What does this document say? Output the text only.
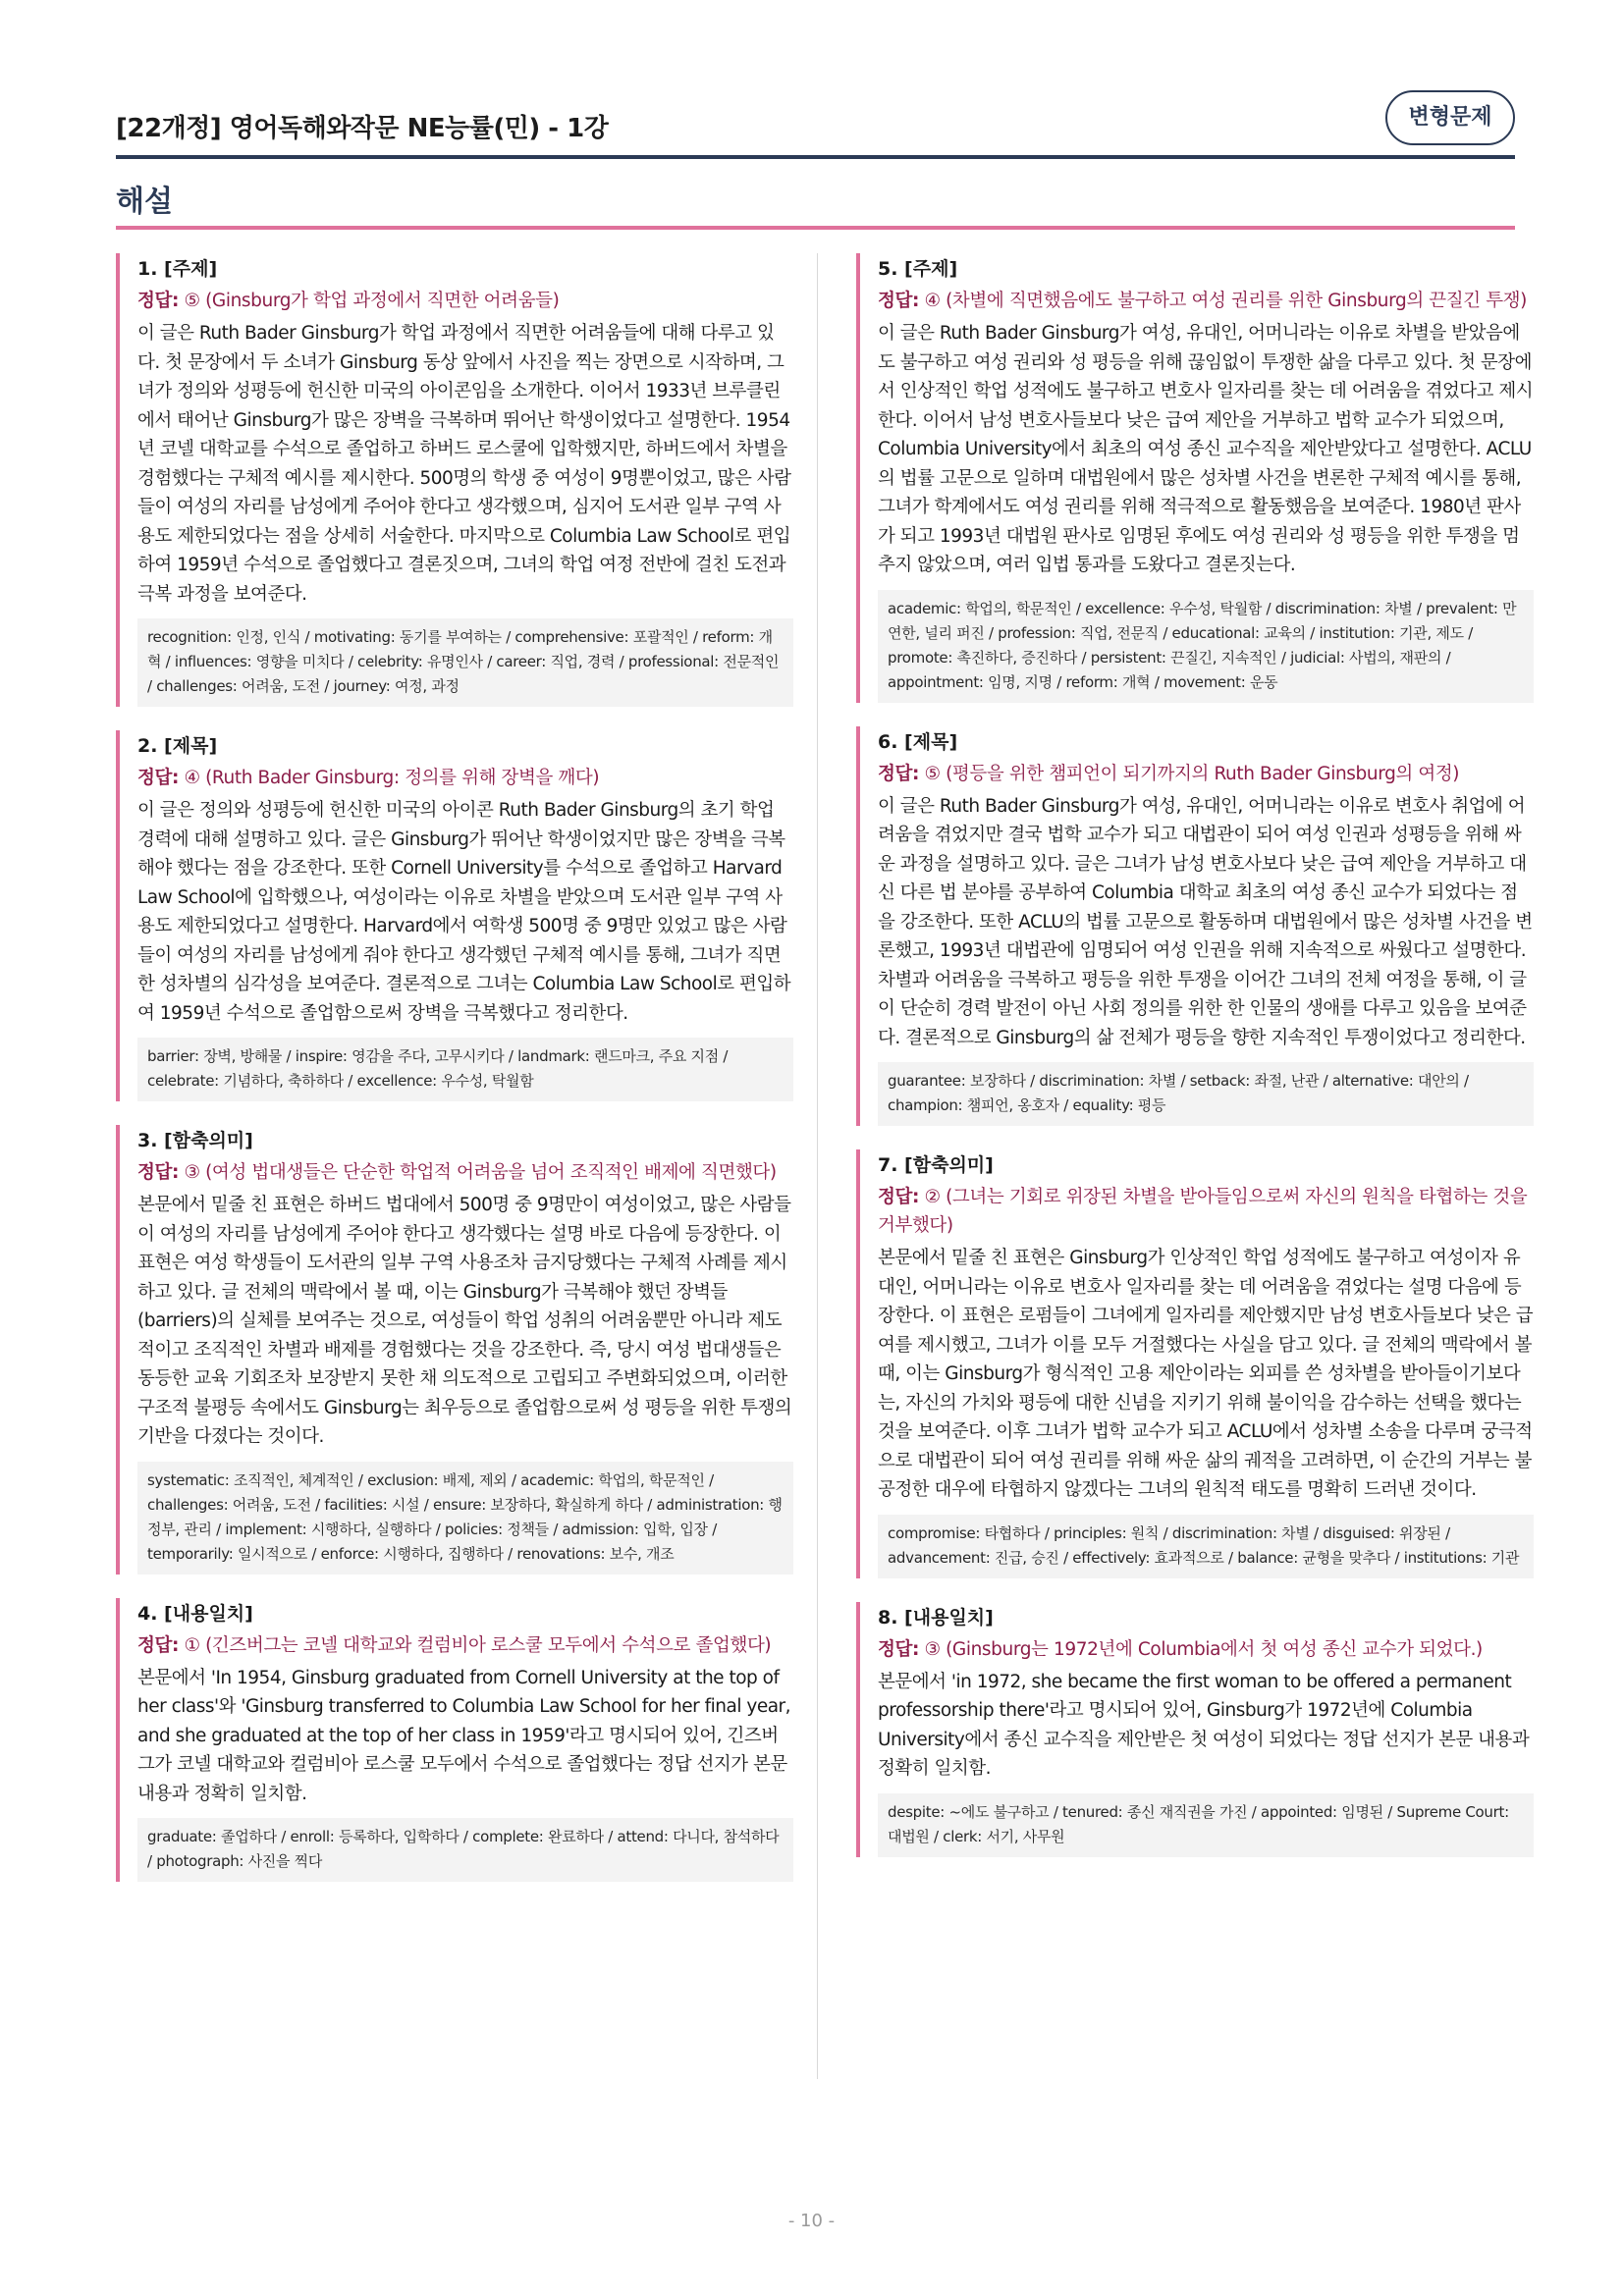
[22개정] 영어독해와작문 NE능률(민) - 1강	변형문제
해설
1. [주제]
정답: ⑤ (Ginsburg가 학업 과정에서 직면한 어려움들)
이 글은 Ruth Bader Ginsburg가 학업 과정에서 직면한 어려움들에 대해 다루고 있다. 첫 문장에서 두 소녀가 Ginsburg 동상 앞에서 사진을 찍는 장면으로 시작하며, 그녀가 정의와 성평등에 헌신한 미국의 아이콘임을 소개한다. 이어서 1933년 브루클린에서 태어난 Ginsburg가 많은 장벽을 극복하며 뛰어난 학생이었다고 설명한다. 1954년 코넬 대학교를 수석으로 졸업하고 하버드 로스쿨에 입학했지만, 하버드에서 차별을 경험했다는 구체적 예시를 제시한다. 500명의 학생 중 여성이 9명뿐이었고, 많은 사람들이 여성의 자리를 남성에게 주어야 한다고 생각했으며, 심지어 도서관 일부 구역 사용도 제한되었다는 점을 상세히 서술한다. 마지막으로 Columbia Law School로 편입하여 1959년 수석으로 졸업했다고 결론짓으며, 그녀의 학업 여정 전반에 걸친 도전과 극복 과정을 보여준다.
recognition: 인정, 인식 / motivating: 동기를 부여하는 / comprehensive: 포괄적인 / reform: 개혁 / influences: 영향을 미치다 / celebrity: 유명인사 / career: 직업, 경력 / professional: 전문적인 / challenges: 어려움, 도전 / journey: 여정, 과정
2. [제목]
정답: ④ (Ruth Bader Ginsburg: 정의를 위해 장벽을 깨다)
이 글은 정의와 성평등에 헌신한 미국의 아이콘 Ruth Bader Ginsburg의 초기 학업 경력에 대해 설명하고 있다. 글은 Ginsburg가 뛰어난 학생이었지만 많은 장벽을 극복해야 했다는 점을 강조한다. 또한 Cornell University를 수석으로 졸업하고 Harvard Law School에 입학했으나, 여성이라는 이유로 차별을 받았으며 도서관 일부 구역 사용도 제한되었다고 설명한다. Harvard에서 여학생 500명 중 9명만 있었고 많은 사람들이 여성의 자리를 남성에게 줘야 한다고 생각했던 구체적 예시를 통해, 그녀가 직면한 성차별의 심각성을 보여준다. 결론적으로 그녀는 Columbia Law School로 편입하여 1959년 수석으로 졸업함으로써 장벽을 극복했다고 정리한다.
barrier: 장벽, 방해물 / inspire: 영감을 주다, 고무시키다 / landmark: 랜드마크, 주요 지점 / celebrate: 기념하다, 축하하다 / excellence: 우수성, 탁월함
3. [함축의미]
정답: ③ (여성 법대생들은 단순한 학업적 어려움을 넘어 조직적인 배제에 직면했다)
본문에서 밑줄 친 표현은 하버드 법대에서 500명 중 9명만이 여성이었고, 많은 사람들이 여성의 자리를 남성에게 주어야 한다고 생각했다는 설명 바로 다음에 등장한다. 이 표현은 여성 학생들이 도서관의 일부 구역 사용조차 금지당했다는 구체적 사례를 제시하고 있다. 글 전체의 맥락에서 볼 때, 이는 Ginsburg가 극복해야 했던 장벽들(barriers)의 실체를 보여주는 것으로, 여성들이 학업 성취의 어려움뿐만 아니라 제도적이고 조직적인 차별과 배제를 경험했다는 것을 강조한다. 즉, 당시 여성 법대생들은 동등한 교육 기회조차 보장받지 못한 채 의도적으로 고립되고 주변화되었으며, 이러한 구조적 불평등 속에서도 Ginsburg는 최우등으로 졸업함으로써 성 평등을 위한 투쟁의 기반을 다졌다는 것이다.
systematic: 조직적인, 체계적인 / exclusion: 배제, 제외 / academic: 학업의, 학문적인 / challenges: 어려움, 도전 / facilities: 시설 / ensure: 보장하다, 확실하게 하다 / administration: 행정부, 관리 / implement: 시행하다, 실행하다 / policies: 정책들 / admission: 입학, 입장 / temporarily: 일시적으로 / enforce: 시행하다, 집행하다 / renovations: 보수, 개조
4. [내용일치]
정답: ① (긴즈버그는 코넬 대학교와 컬럼비아 로스쿨 모두에서 수석으로 졸업했다)
본문에서 'In 1954, Ginsburg graduated from Cornell University at the top of her class'와 'Ginsburg transferred to Columbia Law School for her final year, and she graduated at the top of her class in 1959'라고 명시되어 있어, 긴즈버그가 코넬 대학교와 컬럼비아 로스쿨 모두에서 수석으로 졸업했다는 정답 선지가 본문 내용과 정확히 일치함.
graduate: 졸업하다 / enroll: 등록하다, 입학하다 / complete: 완료하다 / attend: 다니다, 참석하다 / photograph: 사진을 찍다
5. [주제]
정답: ④ (차별에 직면했음에도 불구하고 여성 권리를 위한 Ginsburg의 끈질긴 투쟁)
이 글은 Ruth Bader Ginsburg가 여성, 유대인, 어머니라는 이유로 차별을 받았음에도 불구하고 여성 권리와 성 평등을 위해 끊임없이 투쟁한 삶을 다루고 있다. 첫 문장에서 인상적인 학업 성적에도 불구하고 변호사 일자리를 찾는 데 어려움을 겪었다고 제시한다. 이어서 남성 변호사들보다 낮은 급여 제안을 거부하고 법학 교수가 되었으며, Columbia University에서 최초의 여성 종신 교수직을 제안받았다고 설명한다. ACLU의 법률 고문으로 일하며 대법원에서 많은 성차별 사건을 변론한 구체적 예시를 통해, 그녀가 학계에서도 여성 권리를 위해 적극적으로 활동했음을 보여준다. 1980년 판사가 되고 1993년 대법원 판사로 임명된 후에도 여성 권리와 성 평등을 위한 투쟁을 멈추지 않았으며, 여러 입법 통과를 도왔다고 결론짓는다.
academic: 학업의, 학문적인 / excellence: 우수성, 탁월함 / discrimination: 차별 / prevalent: 만연한, 널리 퍼진 / profession: 직업, 전문직 / educational: 교육의 / institution: 기관, 제도 / promote: 촉진하다, 증진하다 / persistent: 끈질긴, 지속적인 / judicial: 사법의, 재판의 / appointment: 임명, 지명 / reform: 개혁 / movement: 운동
6. [제목]
정답: ⑤ (평등을 위한 챔피언이 되기까지의 Ruth Bader Ginsburg의 여정)
이 글은 Ruth Bader Ginsburg가 여성, 유대인, 어머니라는 이유로 변호사 취업에 어려움을 겪었지만 결국 법학 교수가 되고 대법관이 되어 여성 인권과 성평등을 위해 싸운 과정을 설명하고 있다. 글은 그녀가 남성 변호사보다 낮은 급여 제안을 거부하고 대신 다른 법 분야를 공부하여 Columbia 대학교 최초의 여성 종신 교수가 되었다는 점을 강조한다. 또한 ACLU의 법률 고문으로 활동하며 대법원에서 많은 성차별 사건을 변론했고, 1993년 대법관에 임명되어 여성 인권을 위해 지속적으로 싸웠다고 설명한다. 차별과 어려움을 극복하고 평등을 위한 투쟁을 이어간 그녀의 전체 여정을 통해, 이 글이 단순히 경력 발전이 아닌 사회 정의를 위한 한 인물의 생애를 다루고 있음을 보여준다. 결론적으로 Ginsburg의 삶 전체가 평등을 향한 지속적인 투쟁이었다고 정리한다.
guarantee: 보장하다 / discrimination: 차별 / setback: 좌절, 난관 / alternative: 대안의 / champion: 챔피언, 옹호자 / equality: 평등
7. [함축의미]
정답: ② (그녀는 기회로 위장된 차별을 받아들임으로써 자신의 원칙을 타협하는 것을 거부했다)
본문에서 밑줄 친 표현은 Ginsburg가 인상적인 학업 성적에도 불구하고 여성이자 유대인, 어머니라는 이유로 변호사 일자리를 찾는 데 어려움을 겪었다는 설명 다음에 등장한다. 이 표현은 로펌들이 그녀에게 일자리를 제안했지만 남성 변호사들보다 낮은 급여를 제시했고, 그녀가 이를 모두 거절했다는 사실을 담고 있다. 글 전체의 맥락에서 볼 때, 이는 Ginsburg가 형식적인 고용 제안이라는 외피를 쓴 성차별을 받아들이기보다는, 자신의 가치와 평등에 대한 신념을 지키기 위해 불이익을 감수하는 선택을 했다는 것을 보여준다. 이후 그녀가 법학 교수가 되고 ACLU에서 성차별 소송을 다루며 궁극적으로 대법관이 되어 여성 권리를 위해 싸운 삶의 궤적을 고려하면, 이 순간의 거부는 불공정한 대우에 타협하지 않겠다는 그녀의 원칙적 태도를 명확히 드러낸 것이다.
compromise: 타협하다 / principles: 원칙 / discrimination: 차별 / disguised: 위장된 / advancement: 진급, 승진 / effectively: 효과적으로 / balance: 균형을 맞추다 / institutions: 기관
8. [내용일치]
정답: ③ (Ginsburg는 1972년에 Columbia에서 첫 여성 종신 교수가 되었다.)
본문에서 'in 1972, she became the first woman to be offered a permanent professorship there'라고 명시되어 있어, Ginsburg가 1972년에 Columbia University에서 종신 교수직을 제안받은 첫 여성이 되었다는 정답 선지가 본문 내용과 정확히 일치함.
despite: ~에도 불구하고 / tenured: 종신 재직권을 가진 / appointed: 임명된 / Supreme Court: 대법원 / clerk: 서기, 사무원
- 10 -
